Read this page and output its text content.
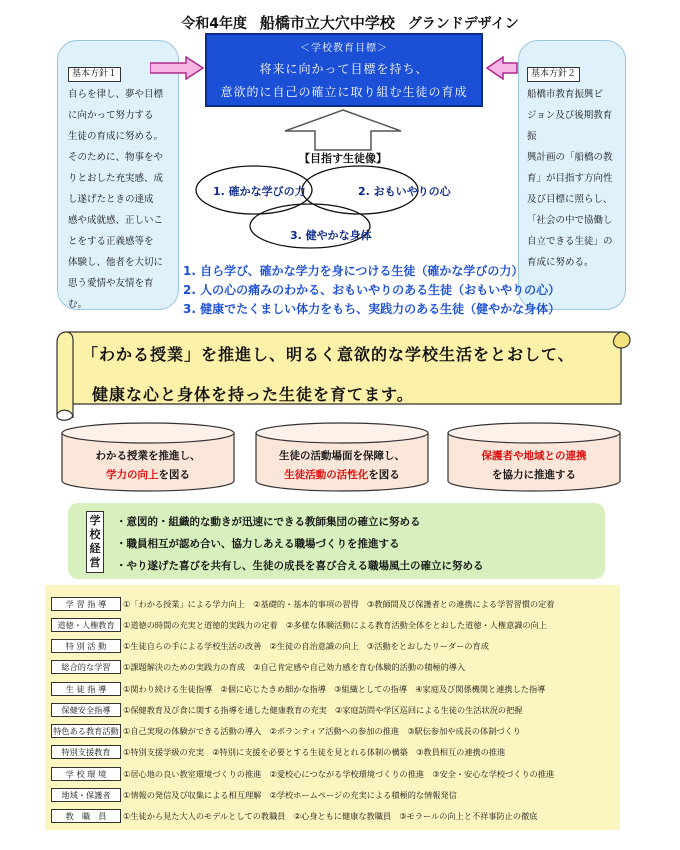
令和4年度 船橋市立大穴中学校 グランドデザイン
＜学校教育目標＞
将来に向かって目標を持ち、
意欲的に自己の確立に取り組む生徒の育成
基本方針１
自らを律し、夢や目標
に向かって努力する
生徒の育成に努める。
そのために、物事をや
りとおした充実感、成
し遂げたときの達成
感や成就感、正しいこ
とをする正義感等を
体験し、他者を大切に
思う愛情や友情を育
む。
基本方針２
船橋市教育振興ビ
ジョン及び後期教育振
興計画の「船橋の教
育」が目指す方向性
及び目標に照らし、
「社会の中で協働し
自立できる生徒」の
育成に努める。
【目指す生徒像】
1. 確かな学びの力	2. おもいやりの心
3. 健やかな身体
1. 自ら学び、確かな学力を身につける生徒（確かな学びの力）
2. 人の心の痛みのわかる、おもいやりのある生徒（おもいやりの心）
3. 健康でたくましい体力をもち、実践力のある生徒（健やかな身体）
「わかる授業」を推進し、明るく意欲的な学校生活をとおして、
健康な心と身体を持った生徒を育てます。
わかる授業を推進し、
学力の向上を図る
生徒の活動場面を保障し、
生徒活動の活性化を図る
保護者や地域との連携
を協力に推進する
学
校
経
営
・意図的・組織的な動きが迅速にできる教師集団の確立に努める
・職員相互が認め合い、協力しあえる職場づくりを推進する
・やり遂げた喜びを共有し、生徒の成長を喜び合える職場風土の確立に努める
学 習 指 導	①「わかる授業」による学力向上　②基礎的・基本的事項の習得　③教師間及び保護者との連携による学習習慣の定着
道徳・人権教育	①道徳の時間の充実と道徳的実践力の定着　②多様な体験活動による教育活動全体をとおした道徳・人権意識の向上
特 別 活 動	①生徒自らの手による学校生活の改善　②生徒の自治意識の向上　③活動をとおしたリーダーの育成
総合的な学習	①課題解決のための実践力の育成　②自己肯定感や自己効力感を育む体験的活動の積極的導入
生 徒 指 導	①関わり続ける生徒指導　②個に応じたきめ細かな指導　③組織としての指導　④家庭及び関係機関と連携した指導
保健安全指導	①保健教育及び食に関する指導を通した健康教育の充実　②家庭訪問や学区巡回による生徒の生活状況の把握
特色ある教育活動 ①自己実現の体験ができる活動の導入　②ボランティア活動への参加の推進　③駅伝参加や成長の体制づくり
特別支援教育	①特別支援学級の充実　②特別に支援を必要とする生徒を見とれる体制の構築　③教員相互の連携の推進
学 校 環 境	①居心地の良い教室環境づくりの推進　②愛校心につながる学校環境づくりの推進　③安全・安心な学校づくりの推進
地域・保護者	①情報の発信及び収集による相互理解　②学校ホームページの充実による積極的な情報発信
教　職　員	①生徒から見た大人のモデルとしての教職員　②心身ともに健康な教職員　③モラールの向上と不祥事防止の徹底
